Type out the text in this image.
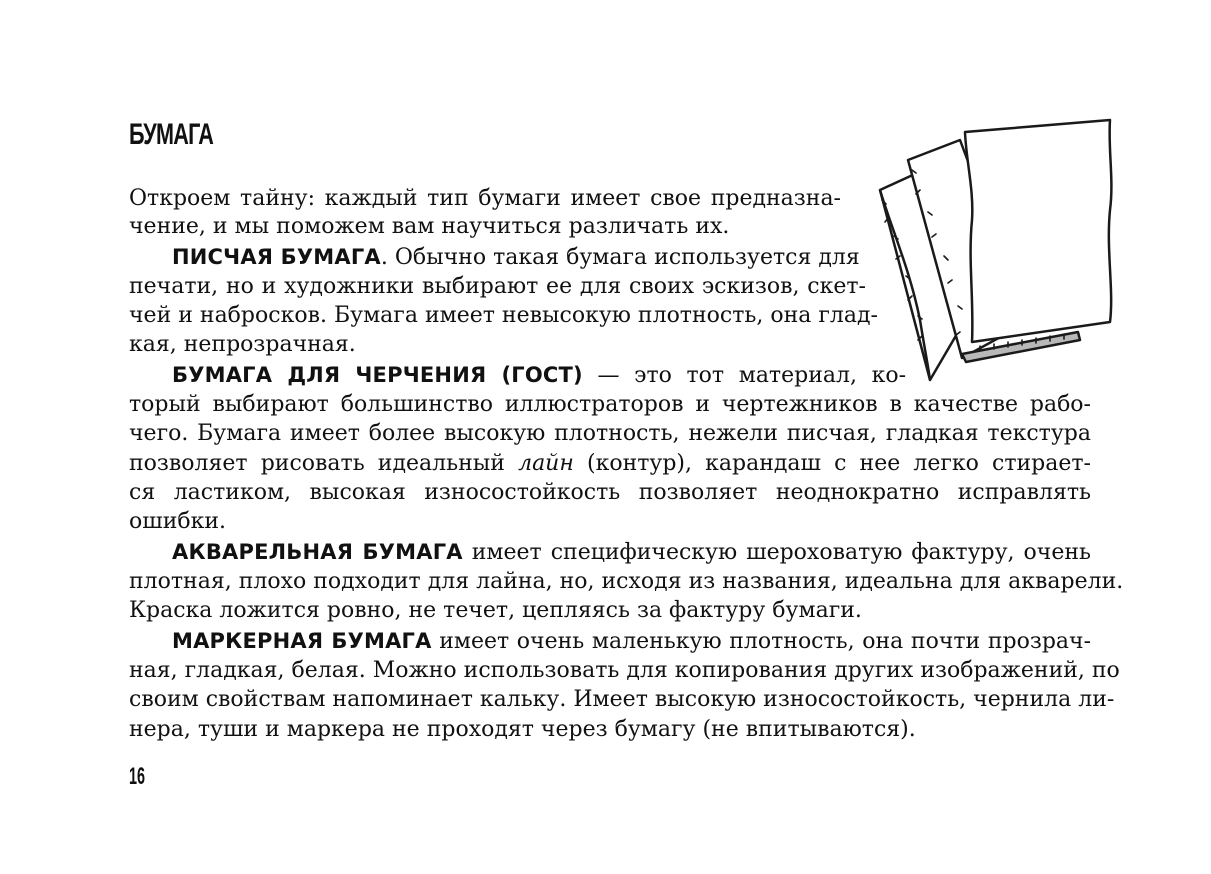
БУМАГА
Откроем тайну: каждый тип бумаги имеет свое предназна-
чение, и мы поможем вам научиться различать их.
ПИСЧАЯ БУМАГА. Обычно такая бумага используется для
печати, но и художники выбирают ее для своих эскизов, скет-
чей и набросков. Бумага имеет невысокую плотность, она глад-
кая, непрозрачная.
БУМАГА ДЛЯ ЧЕРЧЕНИЯ (ГОСТ) — это тот материал, ко-
торый выбирают большинство иллюстраторов и чертежников в качестве рабо-
чего. Бумага имеет более высокую плотность, нежели писчая, гладкая текстура
позволяет рисовать идеальный лайн (контур), карандаш с нее легко стирает-
ся ластиком, высокая износостойкость позволяет неоднократно исправлять
ошибки.
АКВАРЕЛЬНАЯ БУМАГА имеет специфическую шероховатую фактуру, очень
плотная, плохо подходит для лайна, но, исходя из названия, идеальна для акварели.
Краска ложится ровно, не течет, цепляясь за фактуру бумаги.
МАРКЕРНАЯ БУМАГА имеет очень маленькую плотность, она почти прозрач-
ная, гладкая, белая. Можно использовать для копирования других изображений, по
своим свойствам напоминает кальку. Имеет высокую износостойкость, чернила ли-
нера, туши и маркера не проходят через бумагу (не впитываются).
16
